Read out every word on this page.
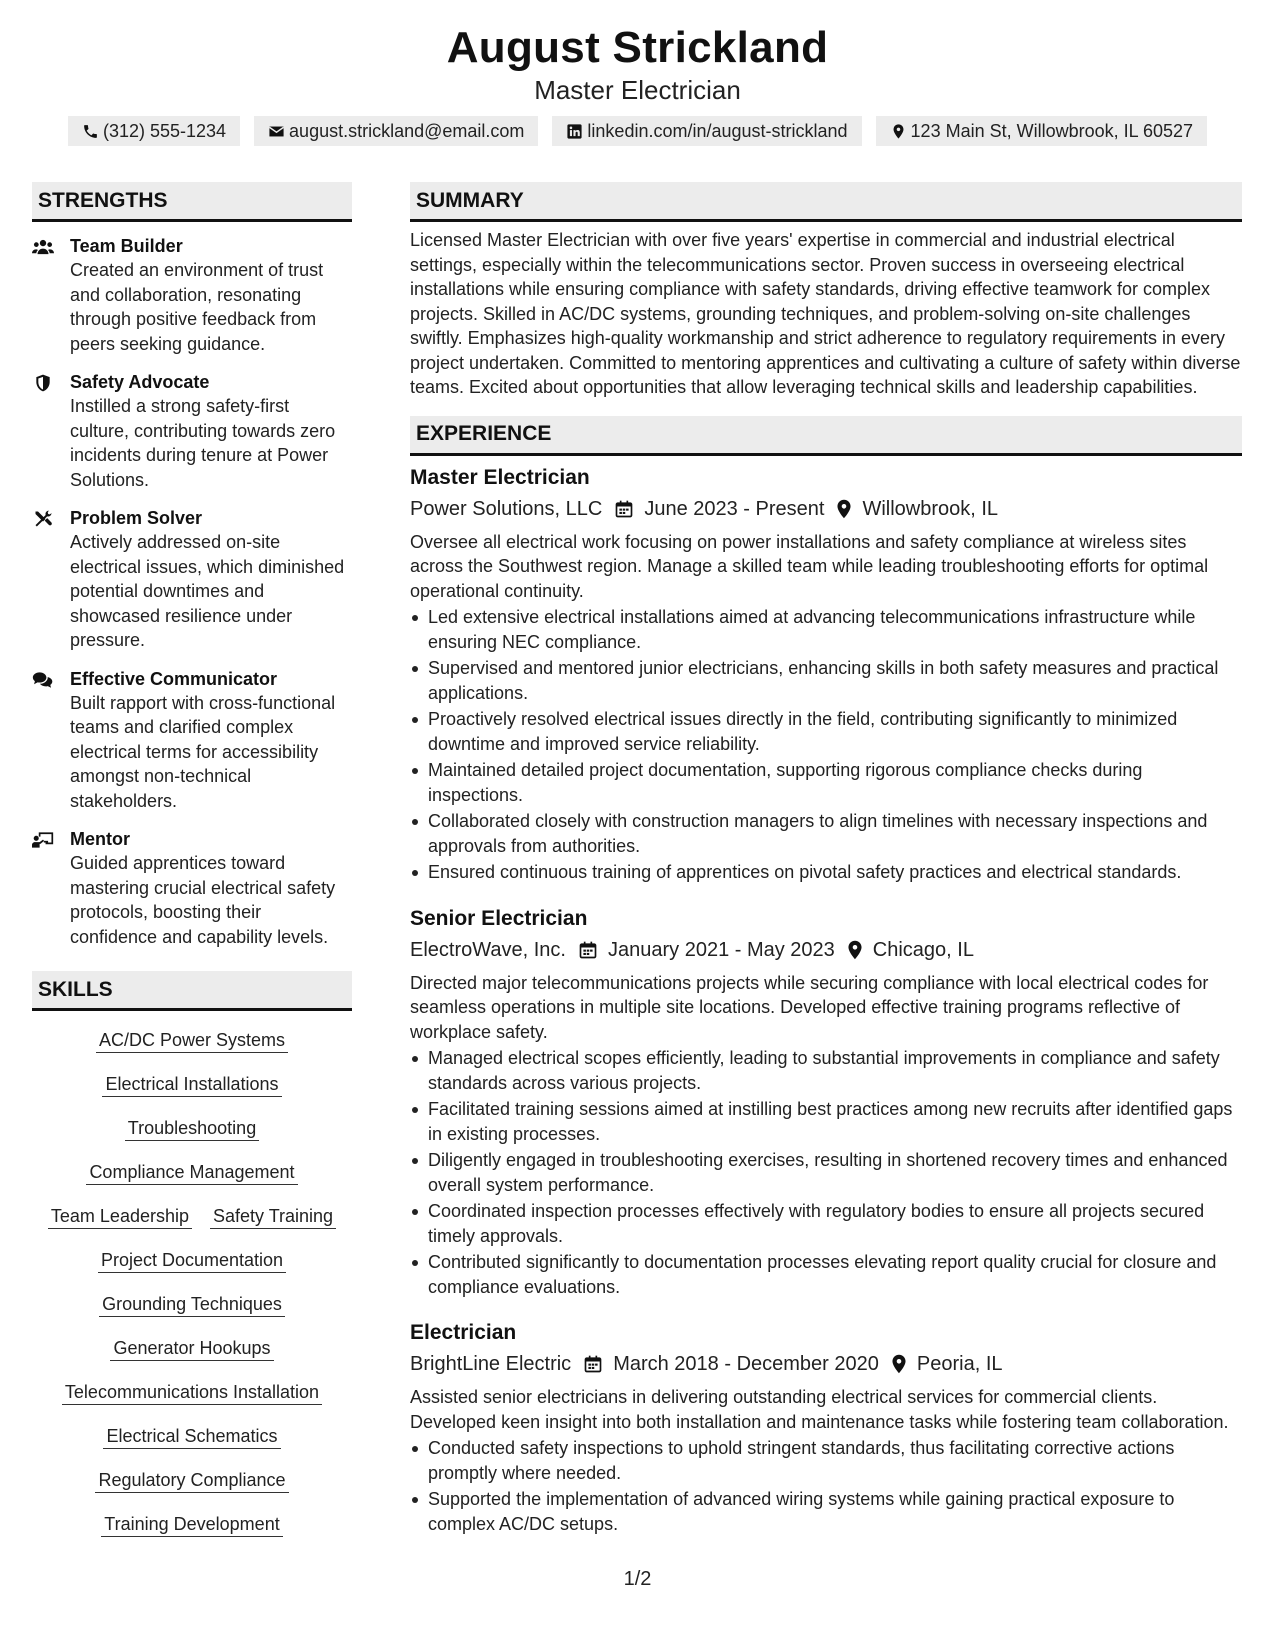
August Strickland
Master Electrician
(312) 555-1234	august.strickland@email.com	linkedin.com/in/august-strickland	123 Main St, Willowbrook, IL 60527
STRENGTHS
Team Builder
Created an environment of trust and collaboration, resonating through positive feedback from peers seeking guidance.
Safety Advocate
Instilled a strong safety-first culture, contributing towards zero incidents during tenure at Power Solutions.
Problem Solver
Actively addressed on-site electrical issues, which diminished potential downtimes and showcased resilience under pressure.
Effective Communicator
Built rapport with cross-functional teams and clarified complex electrical terms for accessibility amongst non-technical stakeholders.
Mentor
Guided apprentices toward mastering crucial electrical safety protocols, boosting their confidence and capability levels.
SKILLS
AC/DC Power Systems
Electrical Installations
Troubleshooting
Compliance Management
Team Leadership Safety Training
Project Documentation
Grounding Techniques
Generator Hookups
Telecommunications Installation
Electrical Schematics
Regulatory Compliance
Training Development
SUMMARY
Licensed Master Electrician with over five years' expertise in commercial and industrial electrical settings, especially within the telecommunications sector. Proven success in overseeing electrical installations while ensuring compliance with safety standards, driving effective teamwork for complex projects. Skilled in AC/DC systems, grounding techniques, and problem-solving on-site challenges swiftly. Emphasizes high-quality workmanship and strict adherence to regulatory requirements in every project undertaken. Committed to mentoring apprentices and cultivating a culture of safety within diverse teams. Excited about opportunities that allow leveraging technical skills and leadership capabilities.
EXPERIENCE
Master Electrician
Power Solutions, LLC June 2023 - Present Willowbrook, IL
Oversee all electrical work focusing on power installations and safety compliance at wireless sites across the Southwest region. Manage a skilled team while leading troubleshooting efforts for optimal operational continuity.
Led extensive electrical installations aimed at advancing telecommunications infrastructure while ensuring NEC compliance.
Supervised and mentored junior electricians, enhancing skills in both safety measures and practical applications.
Proactively resolved electrical issues directly in the field, contributing significantly to minimized downtime and improved service reliability.
Maintained detailed project documentation, supporting rigorous compliance checks during inspections.
Collaborated closely with construction managers to align timelines with necessary inspections and approvals from authorities.
Ensured continuous training of apprentices on pivotal safety practices and electrical standards.
Senior Electrician
ElectroWave, Inc. January 2021 - May 2023 Chicago, IL
Directed major telecommunications projects while securing compliance with local electrical codes for seamless operations in multiple site locations. Developed effective training programs reflective of workplace safety.
Managed electrical scopes efficiently, leading to substantial improvements in compliance and safety standards across various projects.
Facilitated training sessions aimed at instilling best practices among new recruits after identified gaps in existing processes.
Diligently engaged in troubleshooting exercises, resulting in shortened recovery times and enhanced overall system performance.
Coordinated inspection processes effectively with regulatory bodies to ensure all projects secured timely approvals.
Contributed significantly to documentation processes elevating report quality crucial for closure and compliance evaluations.
Electrician
BrightLine Electric March 2018 - December 2020 Peoria, IL
Assisted senior electricians in delivering outstanding electrical services for commercial clients. Developed keen insight into both installation and maintenance tasks while fostering team collaboration.
Conducted safety inspections to uphold stringent standards, thus facilitating corrective actions promptly where needed.
Supported the implementation of advanced wiring systems while gaining practical exposure to complex AC/DC setups.
1/2
